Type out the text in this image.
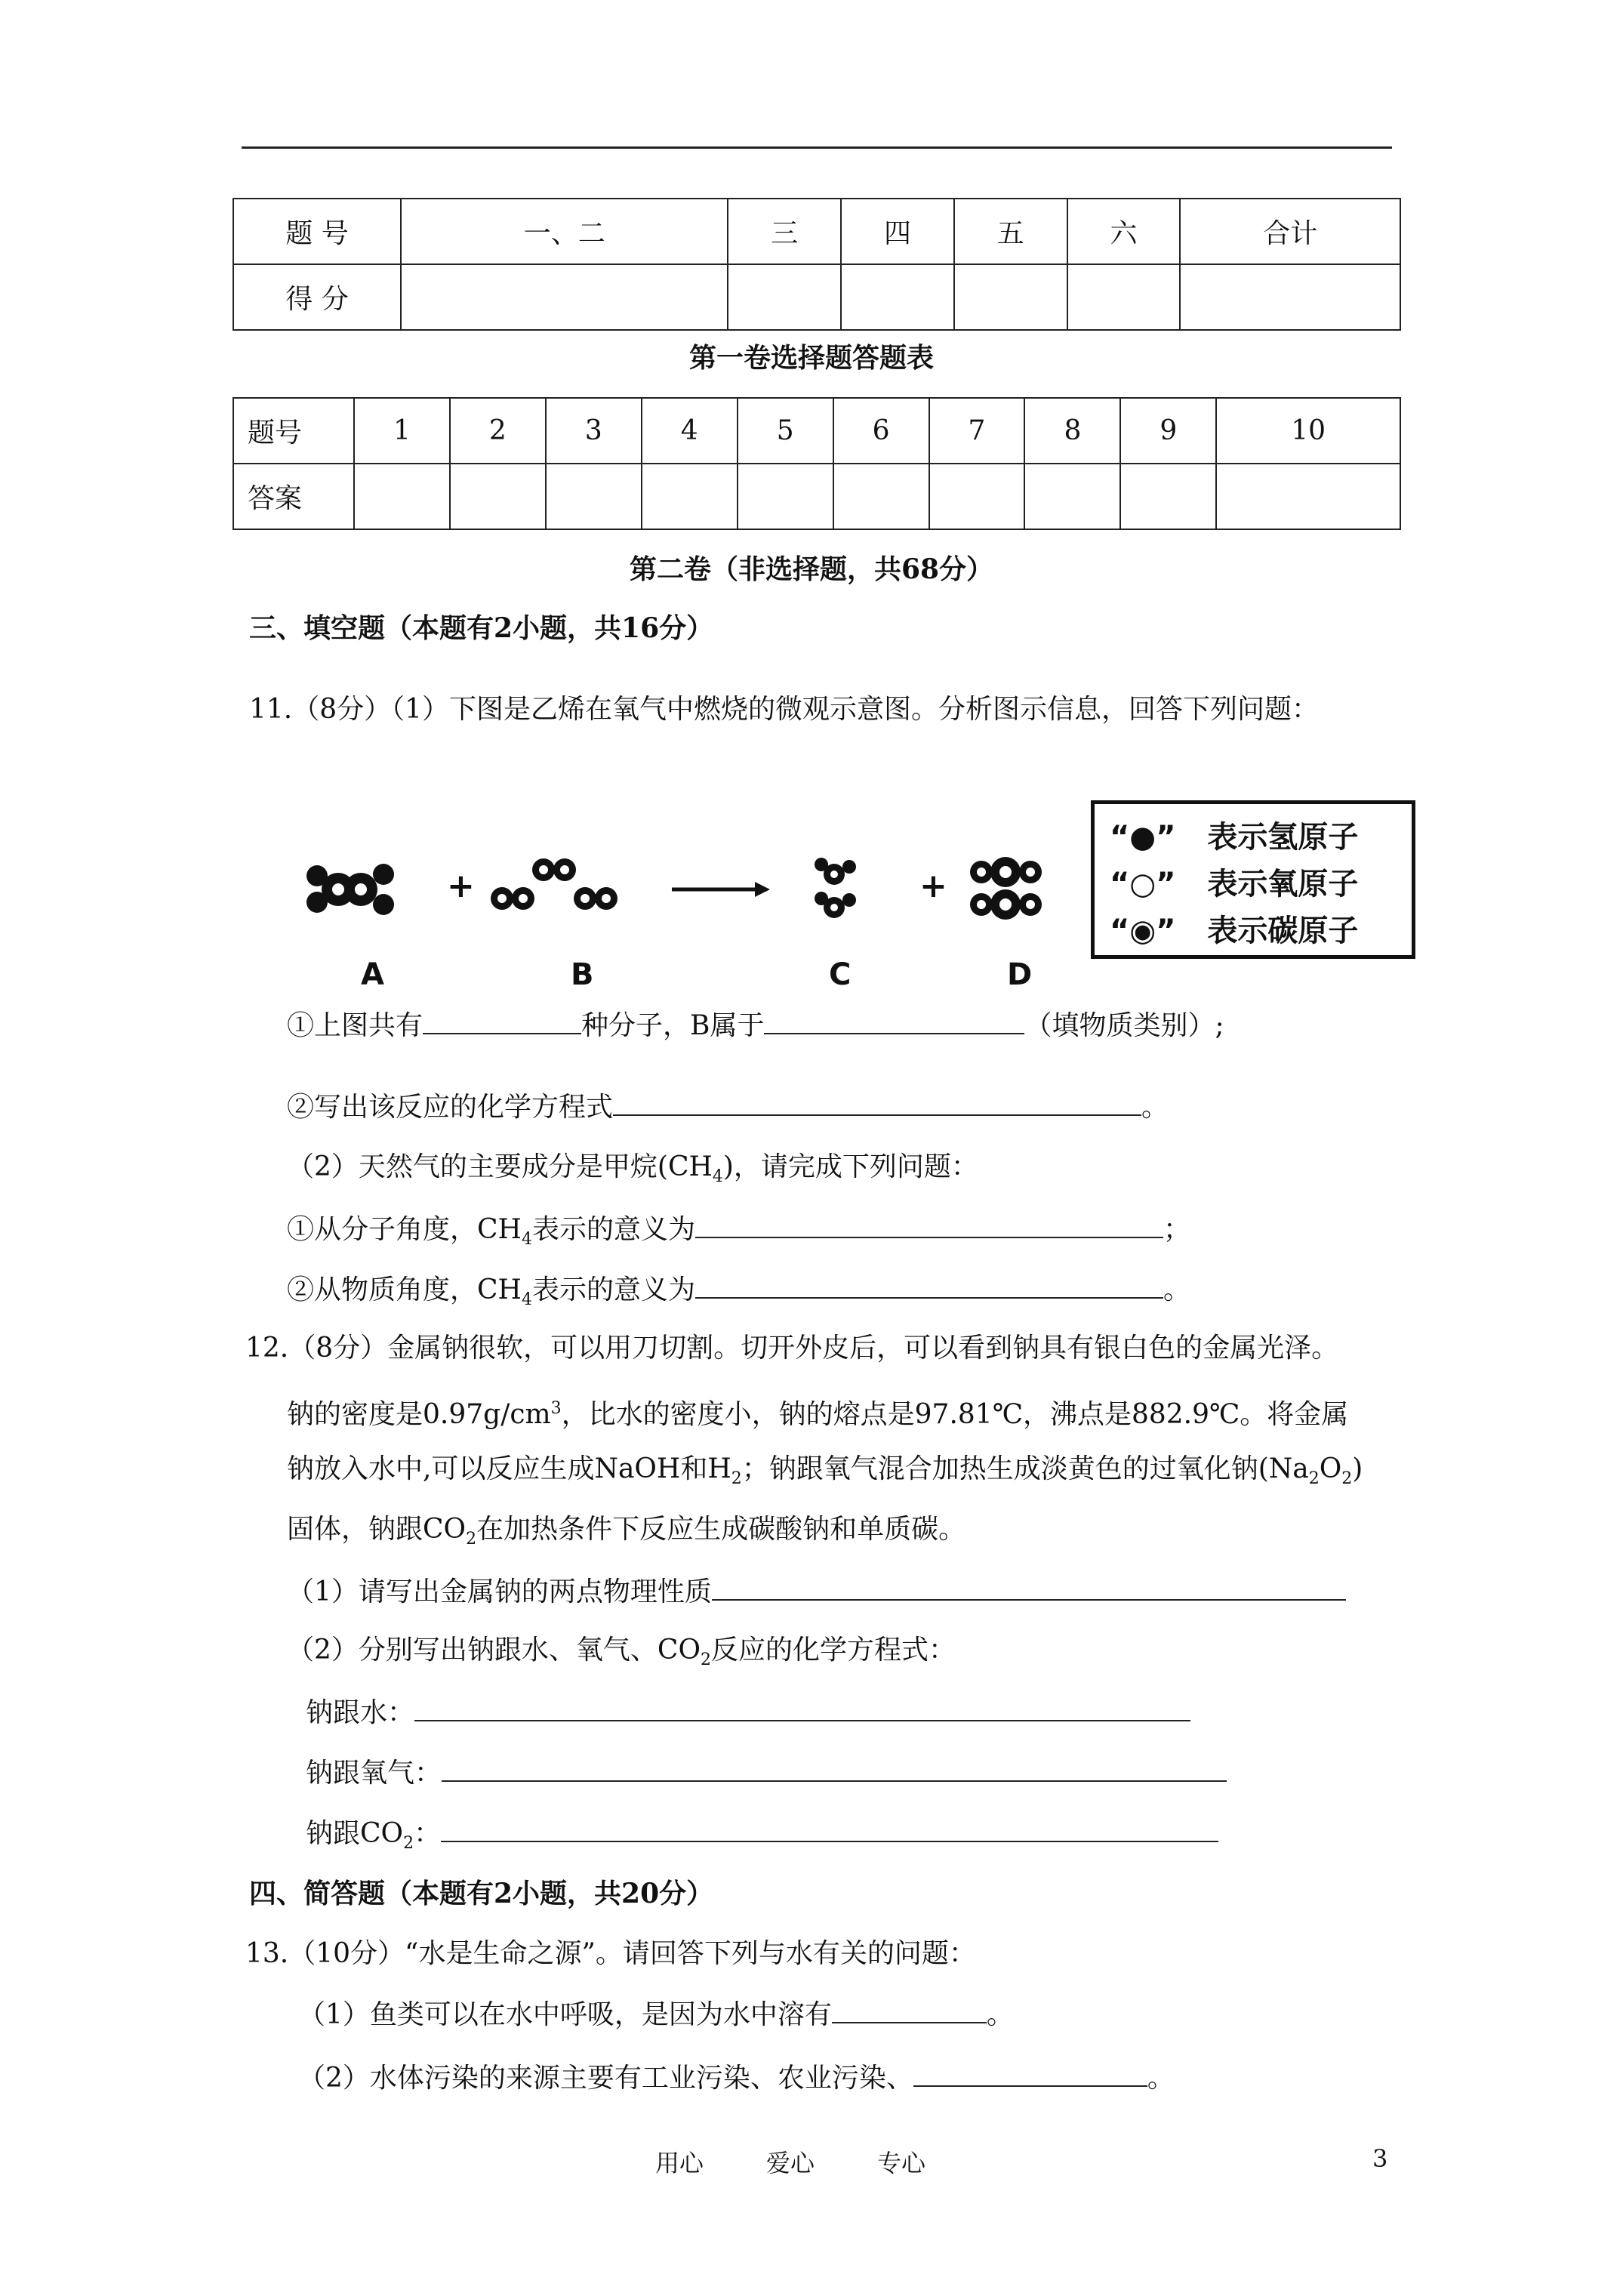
题 号	一、二	三	四	五	六	合计
得 分						
第一卷选择题答题表
题号	1	2	3	4	5	6	7	8	9	10
答案										
第二卷（非选择题，共68分）
三、填空题（本题有2小题，共16分）
11.（8分）（1）下图是乙烯在氧气中燃烧的微观示意图。分析图示信息，回答下列问题：
+	+
A	B	C	D
“●” 表示氢原子
“○” 表示氧原子
“◉” 表示碳原子
①上图共有	种分子，B属于	（填物质类别）;
②写出该反应的化学方程式	。
（2）天然气的主要成分是甲烷$(CH_4)$，请完成下列问题：
①从分子角度，$CH_4$表示的意义为	；
②从物质角度，$CH_4$表示的意义为	。
12.（8分）金属钠很软，可以用刀切割。切开外皮后，可以看到钠具有银白色的金属光泽。
钠的密度是$0.97g/cm^3$，比水的密度小，钠的熔点是97.81℃，沸点是882.9℃。将金属
钠放入水中,可以反应生成NaOH和$H_2$；钠跟氧气混合加热生成淡黄色的过氧化钠$(Na_2O_2)$
固体，钠跟$CO_2$在加热条件下反应生成碳酸钠和单质碳。
（1）请写出金属钠的两点物理性质
（2）分别写出钠跟水、氧气、$CO_2$反应的化学方程式：
钠跟水：
钠跟氧气：
钠跟$CO_2$：
四、简答题（本题有2小题，共20分）
13.（10分）“水是生命之源”。请回答下列与水有关的问题：
（1）鱼类可以在水中呼吸，是因为水中溶有	。
（2）水体污染的来源主要有工业污染、农业污染、	。
用心	爱心	专心	3
